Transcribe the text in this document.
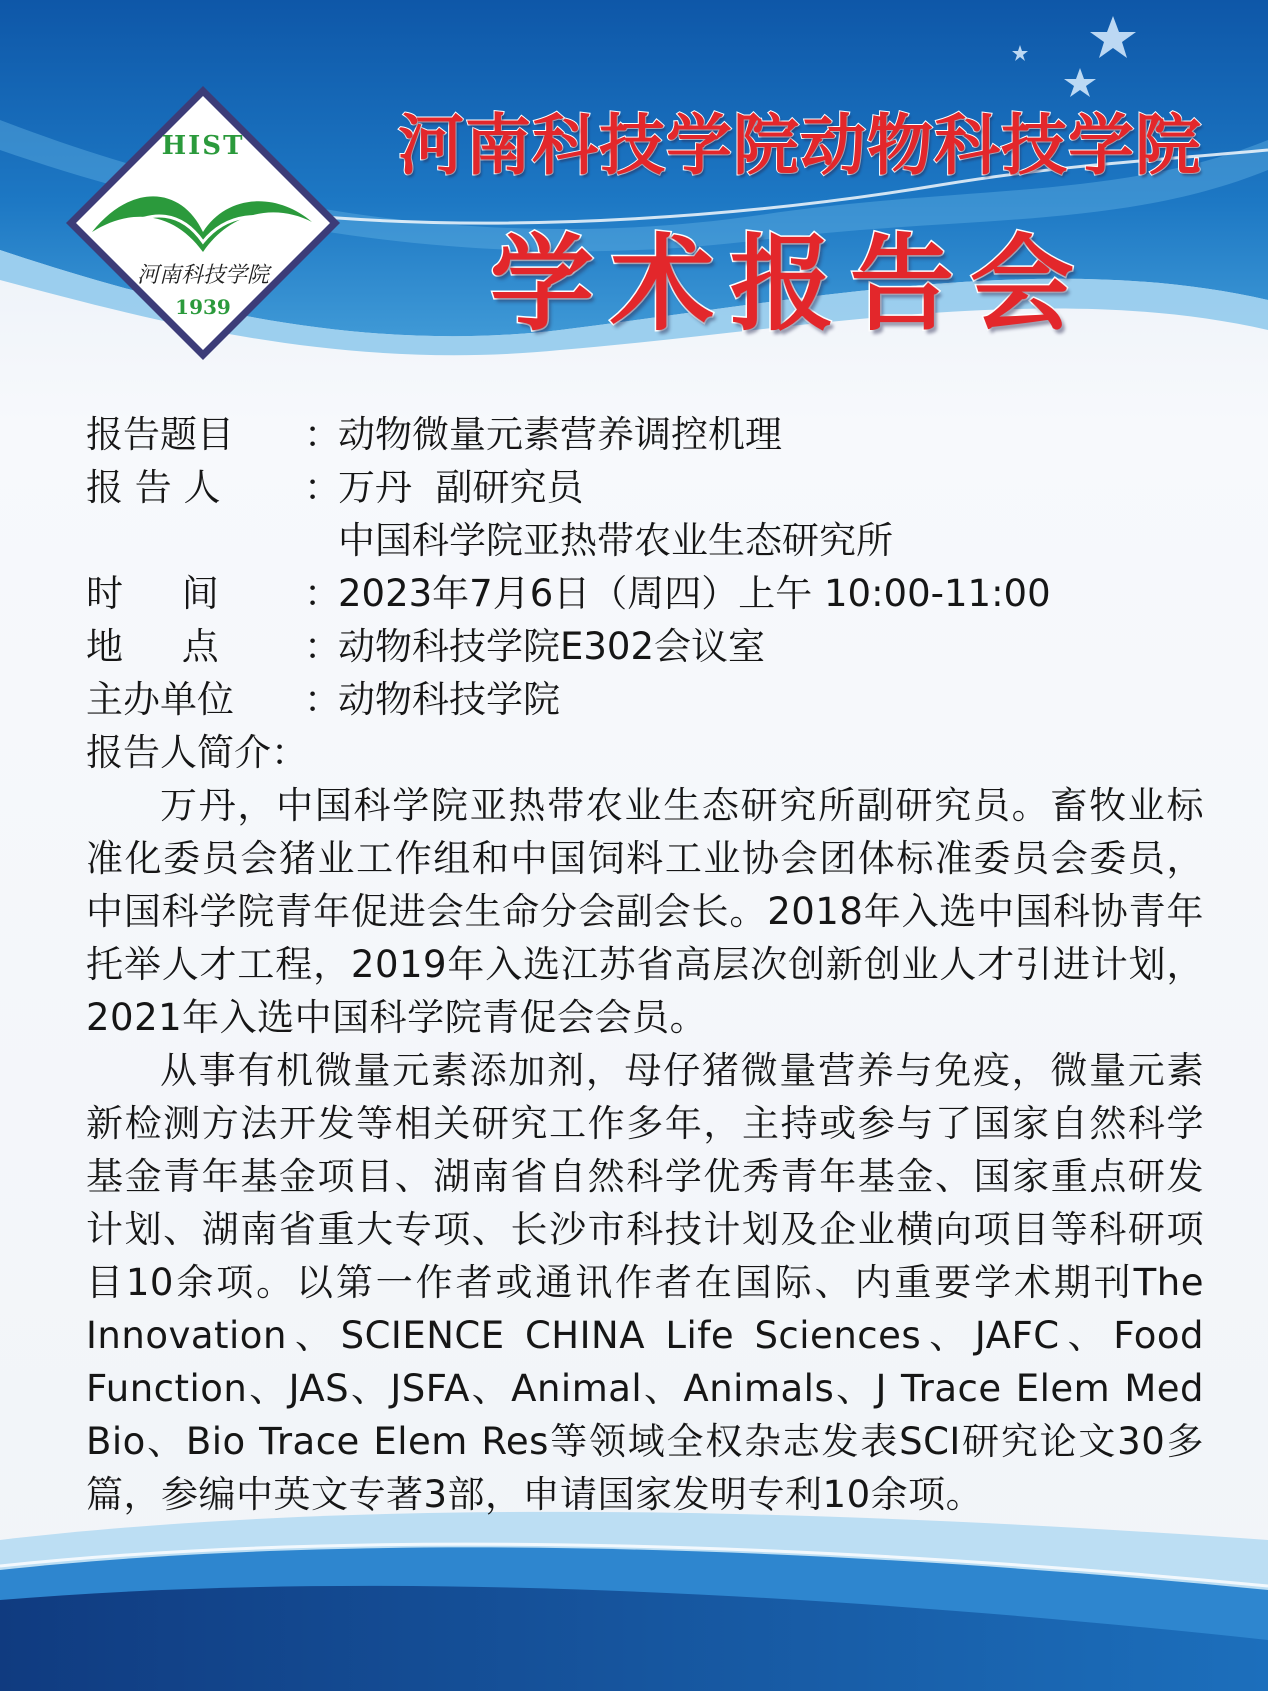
HIST
河南科技学院
1939
河南科技学院动物科技学院
学术报告会
报告题目	：
动物微量元素营养调控机理
报 告 人	：
万丹  副研究员
中国科学院亚热带农业生态研究所
时     间	：
2023年7月6日（周四）上午 10:00-11:00
地     点	：
动物科技学院E302会议室
主办单位	：
动物科技学院
报告人简介 ：
万丹，中国科学院亚热带农业生态研究所副研究员。畜牧业标准化委员会猪业工作组和中国饲料工业协会团体标准委员会委员，中国科学院青年促进会生命分会副会长。2018年入选中国科协青年托举人才工程，2019年入选江苏省高层次创新创业人才引进计划，2021年入选中国科学院青促会会员。
从事有机微量元素添加剂，母仔猪微量营养与免疫，微量元素新检测方法开发等相关研究工作多年，主持或参与了国家自然科学基金青年基金项目、湖南省自然科学优秀青年基金、国家重点研发计划、湖南省重大专项、长沙市科技计划及企业横向项目等科研项目10余项。以第一作者或通讯作者在国际、内重要学术期刊The Innovation、SCIENCE CHINA Life Sciences、JAFC、Food Function、JAS、JSFA、Animal、Animals、J Trace Elem Med Bio、Bio Trace Elem Res等领域全权杂志发表SCI研究论文30多篇，参编中英文专著3部，申请国家发明专利10余项。
